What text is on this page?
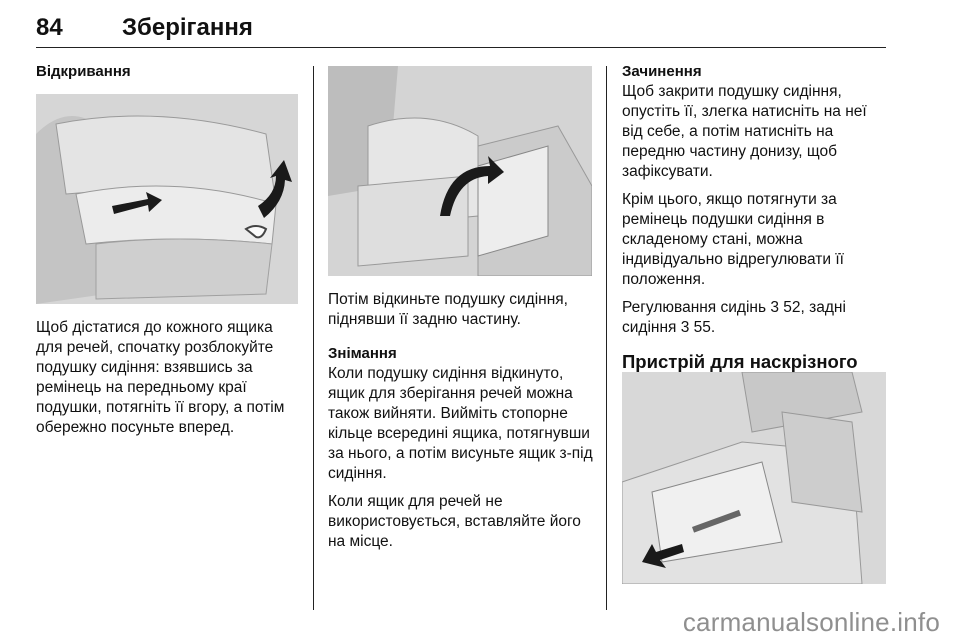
84 Зберігання
Відкривання

Щоб дістатися до кожного ящика для речей, спочатку розблокуйте подушку сидіння: взявшись за ремінець на передньому краї подушки, потягніть її вгору, а потім обережно посуньте вперед.

Потім відкиньте подушку сидіння, піднявши її задню частину.

Знімання

Коли подушку сидіння відкинуто, ящик для зберігання речей можна також вийняти. Вийміть стопорне кільце всередині ящика, потягнувши за нього, а потім висуньте ящик з-під сидіння.

Коли ящик для речей не використовується, вставляйте його на місце.

Зачинення

Щоб закрити подушку сидіння, опустіть її, злегка натисніть на неї від себе, а потім натисніть на передню частину донизу, щоб зафіксувати.

Крім цього, якщо потягнути за ремінець подушки сидіння в складеному стані, можна індивідуально відрегулювати її положення.

Регулювання сидінь 3 52, задні сидіння 3 55.

Пристрій для наскрізного
carmanualsonline.info
